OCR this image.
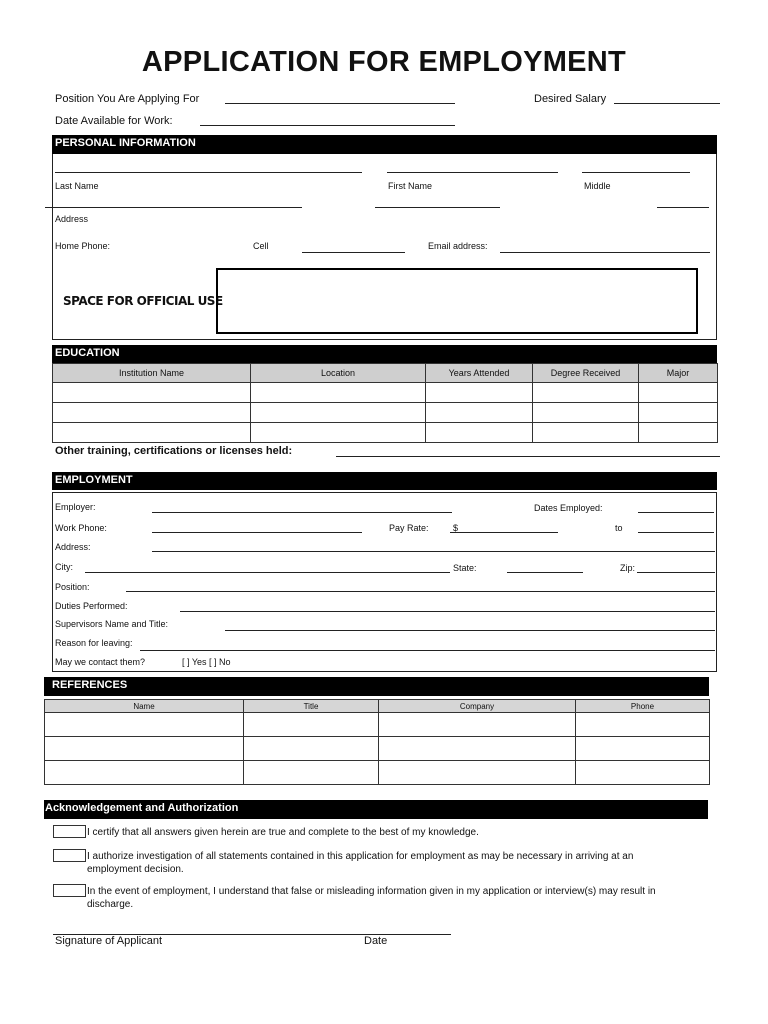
APPLICATION FOR EMPLOYMENT
Position You Are Applying For	Desired Salary
Date Available for Work:
PERSONAL INFORMATION
Last Name	First Name	Middle
Address
Home Phone:	Cell	Email address:
SPACE FOR OFFICIAL USE
EDUCATION
Institution Name	Location	Years Attended	Degree Received	Major

Other training, certifications or licenses held:
EMPLOYMENT
Employer:	Dates Employed:
Work Phone:	Pay Rate:	$	to
Address:
City:	State:	Zip:
Position:
Duties Performed:
Supervisors Name and Title:
Reason for leaving:
May we contact them?	[ ] Yes [ ] No
REFERENCES
Name	Title	Company	Phone

Acknowledgement and Authorization
I certify that all answers given herein are true and complete to the best of my knowledge.
I authorize investigation of all statements contained in this application for employment as may be necessary in arriving at an employment decision.
In the event of employment, I understand that false or misleading information given in my application or interview(s) may result in discharge.
Signature of Applicant	Date
